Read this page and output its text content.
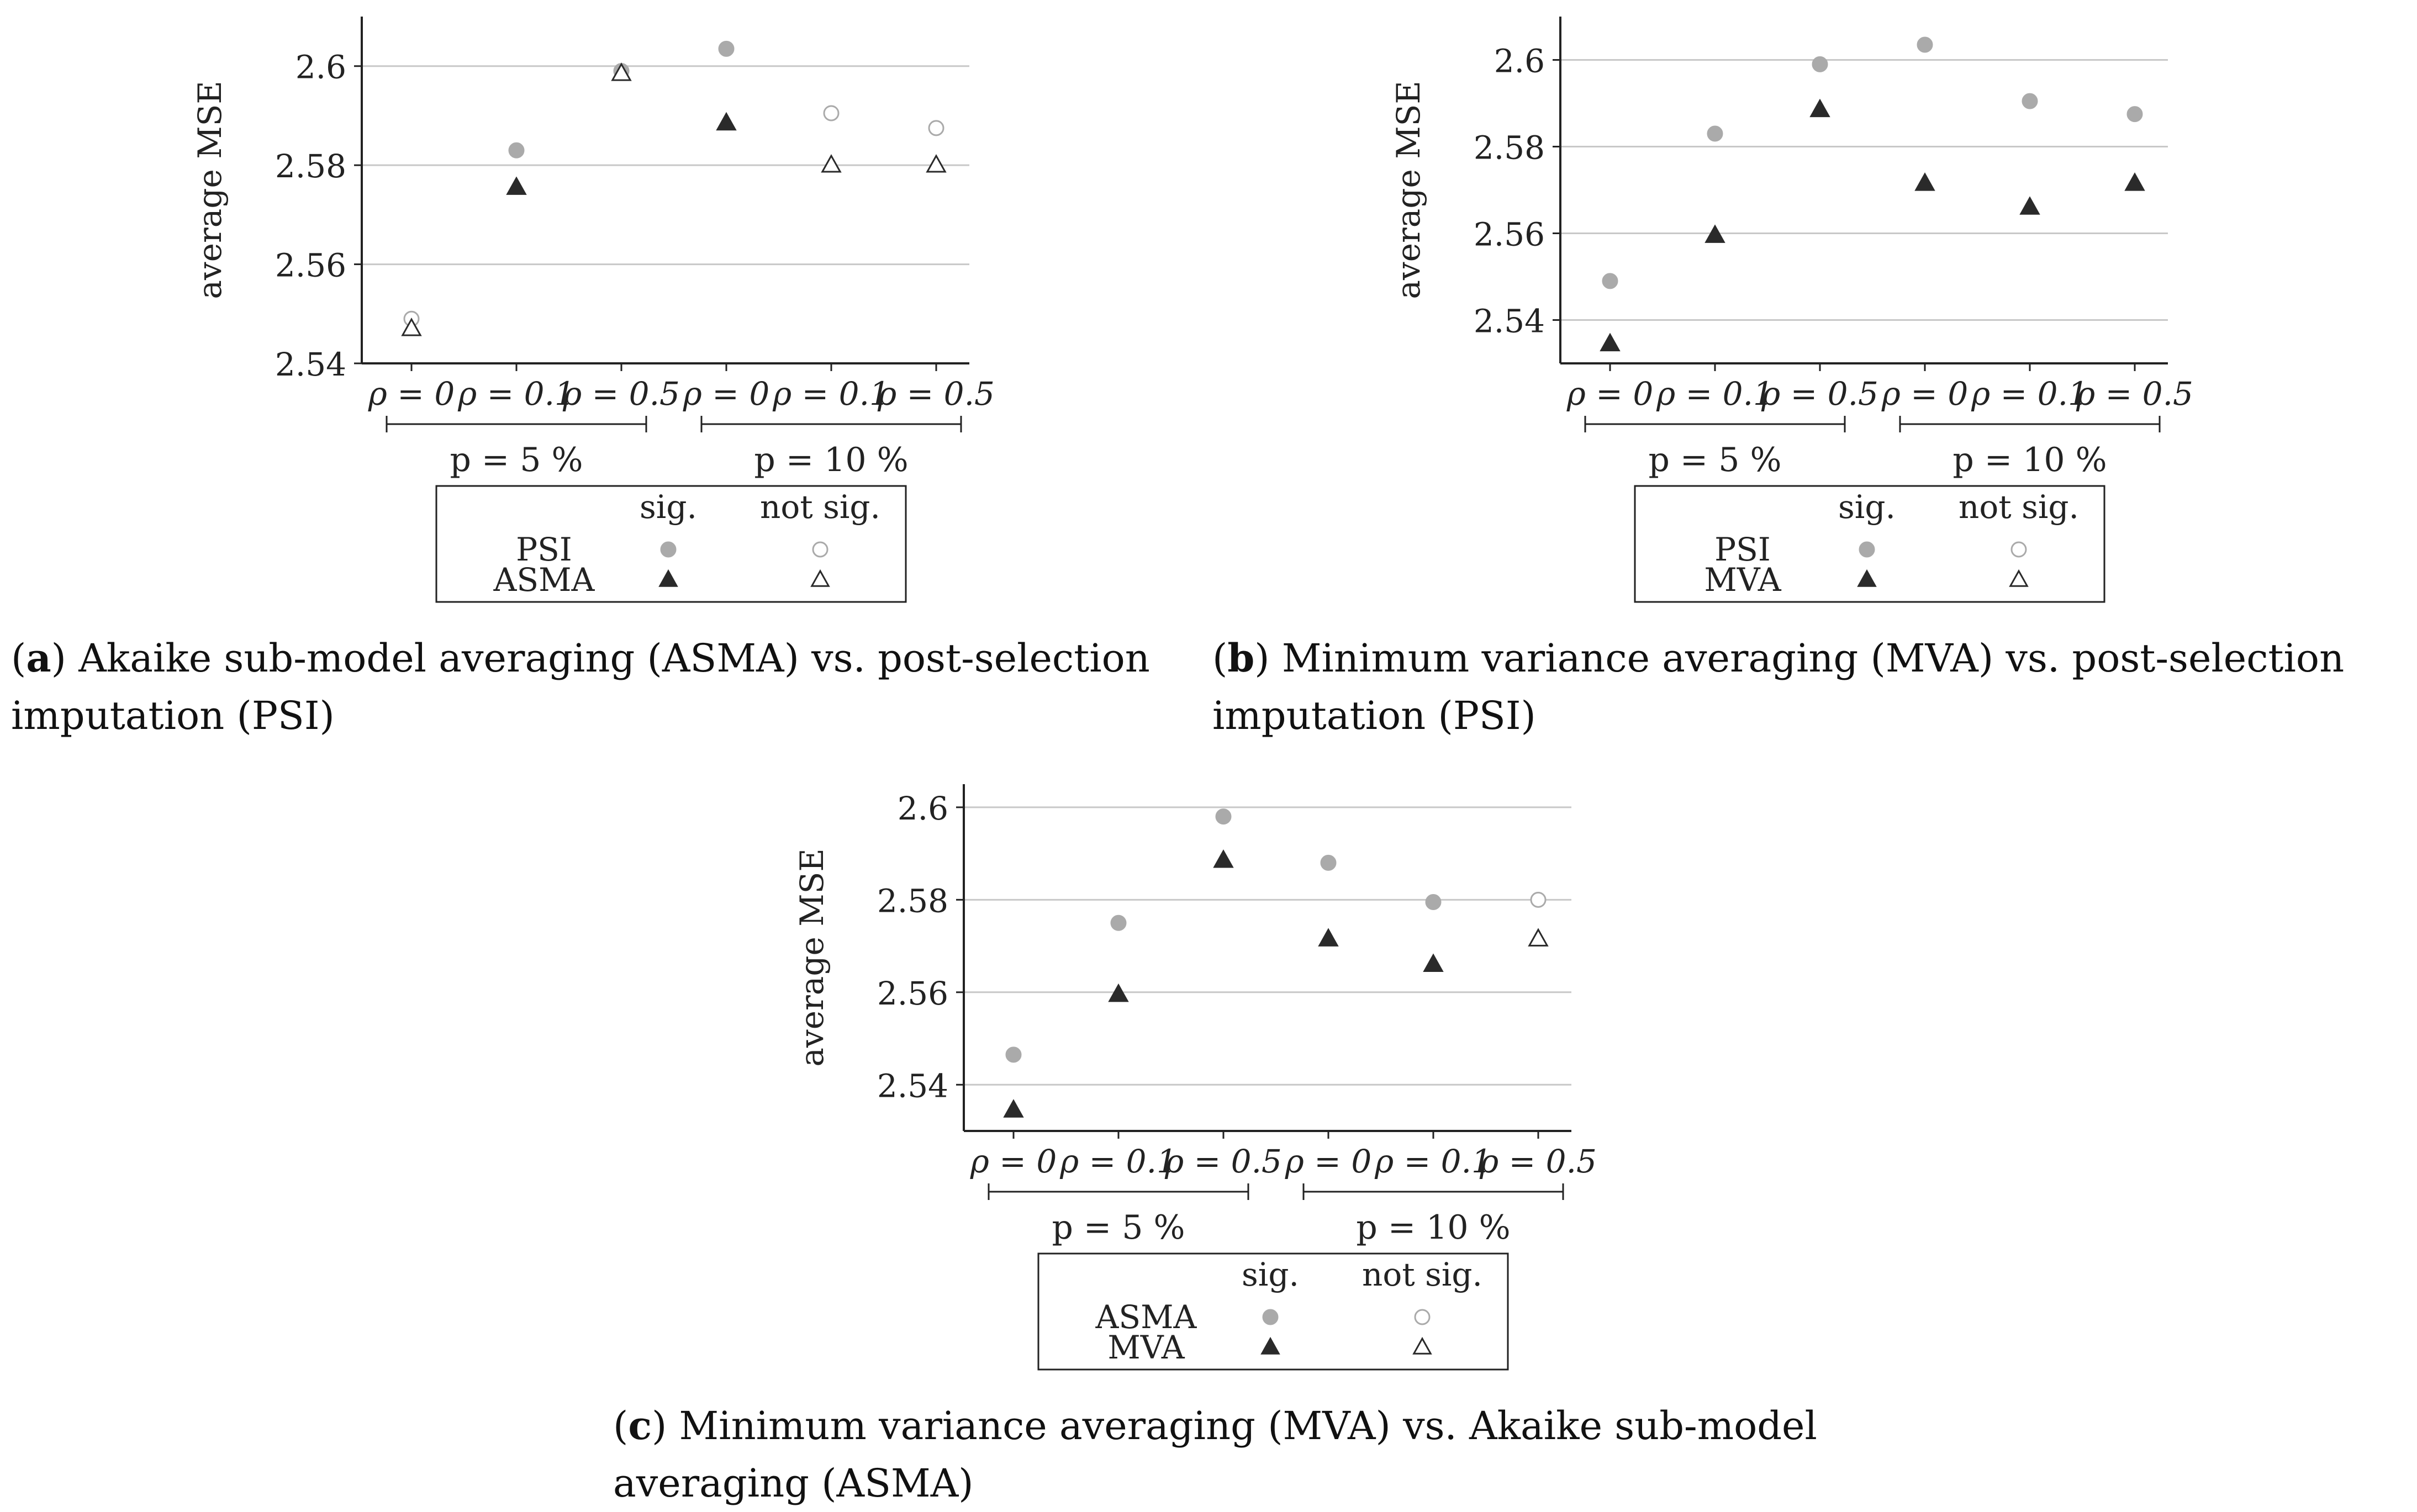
2.54
2.56
2.58
2.6
average MSE
ρ = 0 ρ = 0.1
ρ = 0.5 ρ = 0 ρ = 0.1
ρ = 0.5
p = 5 %	p = 10 %
sig. not sig.
PSI
ASMA
(a) Akaike sub-model averaging (ASMA) vs. post-selection imputation (PSI)
2.54
2.56
2.58
2.6
average MSE
ρ = 0 ρ = 0.1
ρ = 0.5 ρ = 0 ρ = 0.1
ρ = 0.5
p = 5 %	p = 10 %
sig. not sig.
PSI
MVA
(b) Minimum variance averaging (MVA) vs. post-selection imputation (PSI)
2.54
2.56
2.58
2.6
average MSE
ρ = 0 ρ = 0.1
ρ = 0.5 ρ = 0 ρ = 0.1
ρ = 0.5
p = 5 %	p = 10 %
sig. not sig.
ASMA
MVA
(c) Minimum variance averaging (MVA) vs. Akaike sub-model averaging (ASMA)
